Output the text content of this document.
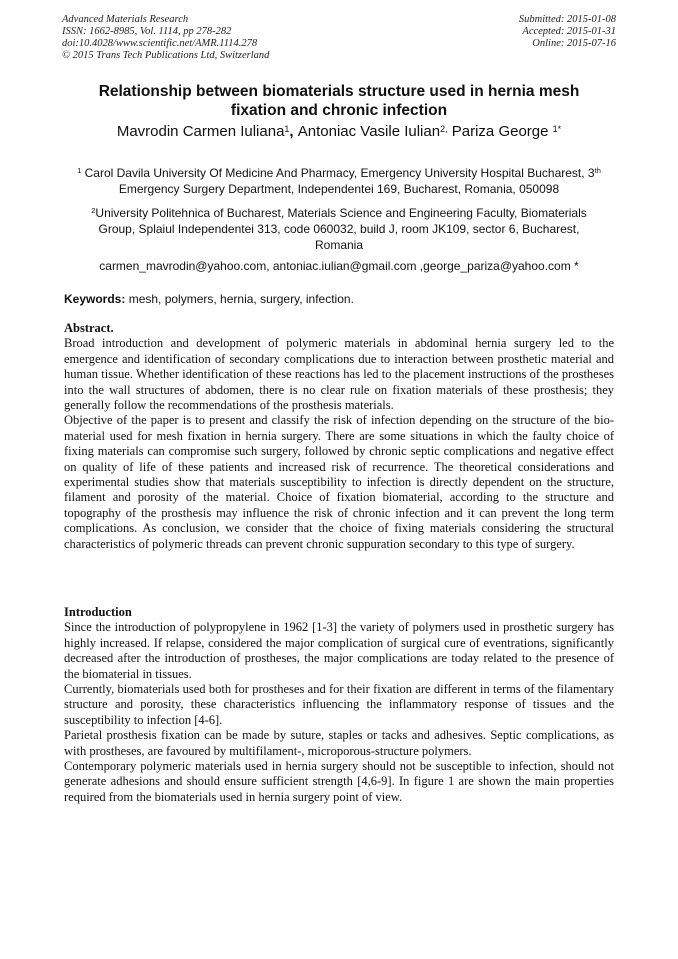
Advanced Materials Research
ISSN: 1662-8985, Vol. 1114, pp 278-282
doi:10.4028/www.scientific.net/AMR.1114.278
© 2015 Trans Tech Publications Ltd, Switzerland
Submitted: 2015-01-08
Accepted: 2015-01-31
Online: 2015-07-16
Relationship between biomaterials structure used in hernia mesh
fixation and chronic infection
Mavrodin Carmen Iuliana$^1$, Antoniac Vasile Iulian$^{2,}$ Pariza George $^{1*}$
$^1$ Carol Davila University Of Medicine And Pharmacy, Emergency University Hospital Bucharest, 3th
Emergency Surgery Department, Independentei 169, Bucharest, Romania, 050098
$^2$University Politehnica of Bucharest, Materials Science and Engineering Faculty, Biomaterials
Group, Splaiul Independentei 313, code 060032, build J, room JK109, sector 6, Bucharest,
Romania
carmen_mavrodin@yahoo.com, antoniac.iulian@gmail.com ,george_pariza@yahoo.com *
Keywords: mesh, polymers, hernia, surgery, infection.

Abstract.

Broad introduction and development of polymeric materials in abdominal hernia surgery led to the emergence and identification of secondary complications due to interaction between prosthetic material and human tissue. Whether identification of these reactions has led to the placement instructions of the prostheses into the wall structures of abdomen, there is no clear rule on fixation materials of these prosthesis; they generally follow the recommendations of the prosthesis materials.

Objective of the paper is to present and classify the risk of infection depending on the structure of the bio-material used for mesh fixation in hernia surgery. There are some situations in which the faulty choice of fixing materials can compromise such surgery, followed by chronic septic complications and negative effect on quality of life of these patients and increased risk of recurrence. The theoretical considerations and experimental studies show that materials susceptibility to infection is directly dependent on the structure, filament and porosity of the material. Choice of fixation biomaterial, according to the structure and topography of the prosthesis may influence the risk of chronic infection and it can prevent the long term complications. As conclusion, we consider that the choice of fixing materials considering the structural characteristics of polymeric threads can prevent chronic suppuration secondary to this type of surgery.

Introduction

Since the introduction of polypropylene in 1962 [1-3] the variety of polymers used in prosthetic surgery has highly increased. If relapse, considered the major complication of surgical cure of eventrations, significantly decreased after the introduction of prostheses, the major complications are today related to the presence of the biomaterial in tissues.

Currently, biomaterials used both for prostheses and for their fixation are different in terms of the filamentary structure and porosity, these characteristics influencing the inflammatory response of tissues and the susceptibility to infection [4-6].

Parietal prosthesis fixation can be made by suture, staples or tacks and adhesives. Septic complications, as with prostheses, are favoured by multifilament-, microporous-structure polymers.

Contemporary polymeric materials used in hernia surgery should not be susceptible to infection, should not generate adhesions and should ensure sufficient strength [4,6-9]. In figure 1 are shown the main properties required from the biomaterials used in hernia surgery point of view.
